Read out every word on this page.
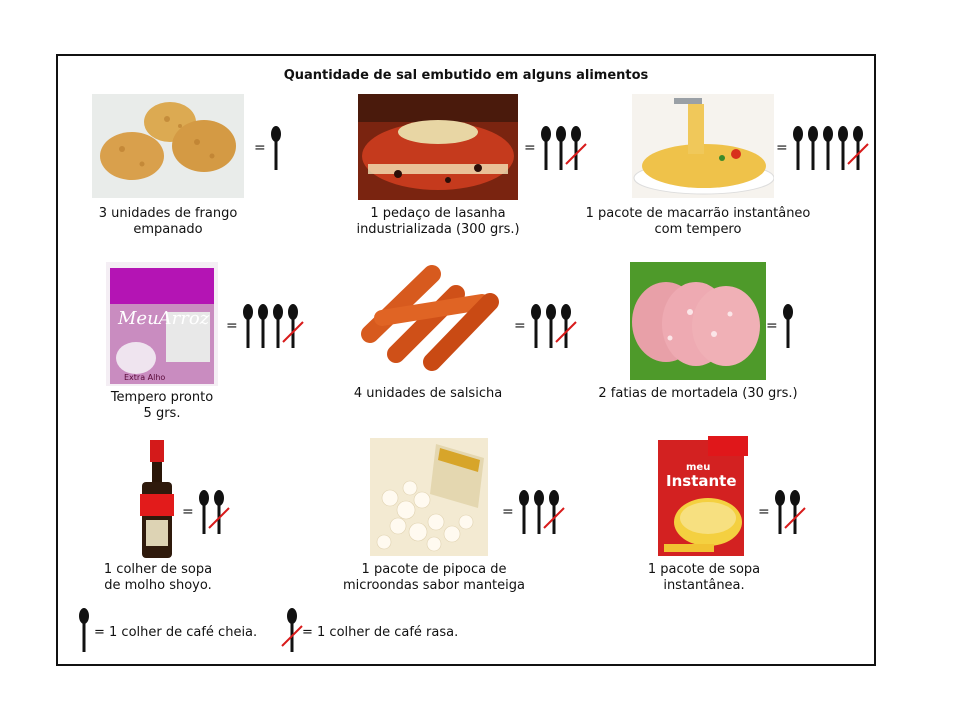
Quantidade de sal embutido em alguns alimentos
=
3 unidades de frango
empanado
=
1 pedaço de lasanha
industrializada (300 grs.)
=
1 pacote de macarrão instantâneo
com tempero
MeuArroz
Extra Alho
=
Tempero pronto
5 grs.
=
4 unidades de salsicha
=
2 fatias de mortadela (30 grs.)
=
1 colher de sopa
de molho shoyo.
=
1 pacote de pipoca de
microondas sabor manteiga
meu
Instante
=
1 pacote de sopa
instantânea.
= 1 colher de café cheia.	= 1 colher de café rasa.
